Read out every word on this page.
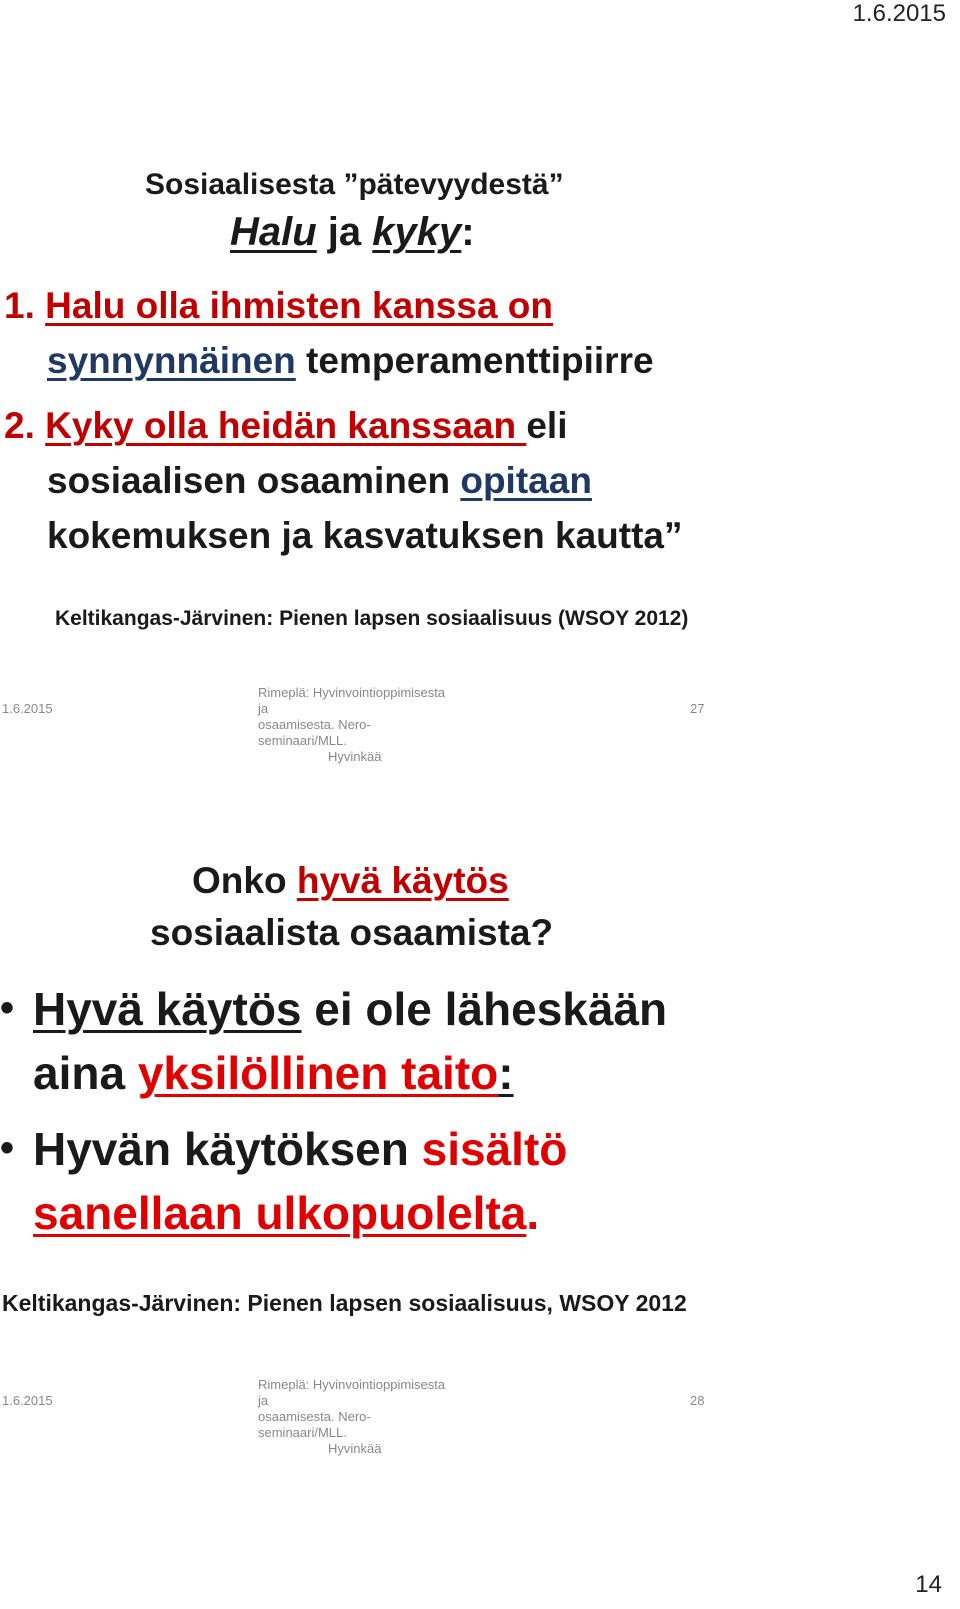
1.6.2015
Sosiaalisesta ”pätevyydestä”
Halu ja kyky:
1. Halu olla ihmisten kanssa on
synnynnäinen temperamenttipiirre
2. Kyky olla heidän kanssaan eli
sosiaalisen osaaminen opitaan
kokemuksen ja kasvatuksen kautta”
Keltikangas-Järvinen: Pienen lapsen sosiaalisuus (WSOY 2012)
1.6.2015
Rimeplä: Hyvinvointioppimisesta ja
osaamisesta. Nero-seminaari/MLL.
Hyvinkää
27
Onko hyvä käytös
sosiaalista osaamista?
• Hyvä käytös ei ole läheskään
aina yksilöllinen taito:
• Hyvän käytöksen sisältö
sanellaan ulkopuolelta.
Keltikangas-Järvinen: Pienen lapsen sosiaalisuus, WSOY 2012
1.6.2015
Rimeplä: Hyvinvointioppimisesta ja
osaamisesta. Nero-seminaari/MLL.
Hyvinkää
28
14
